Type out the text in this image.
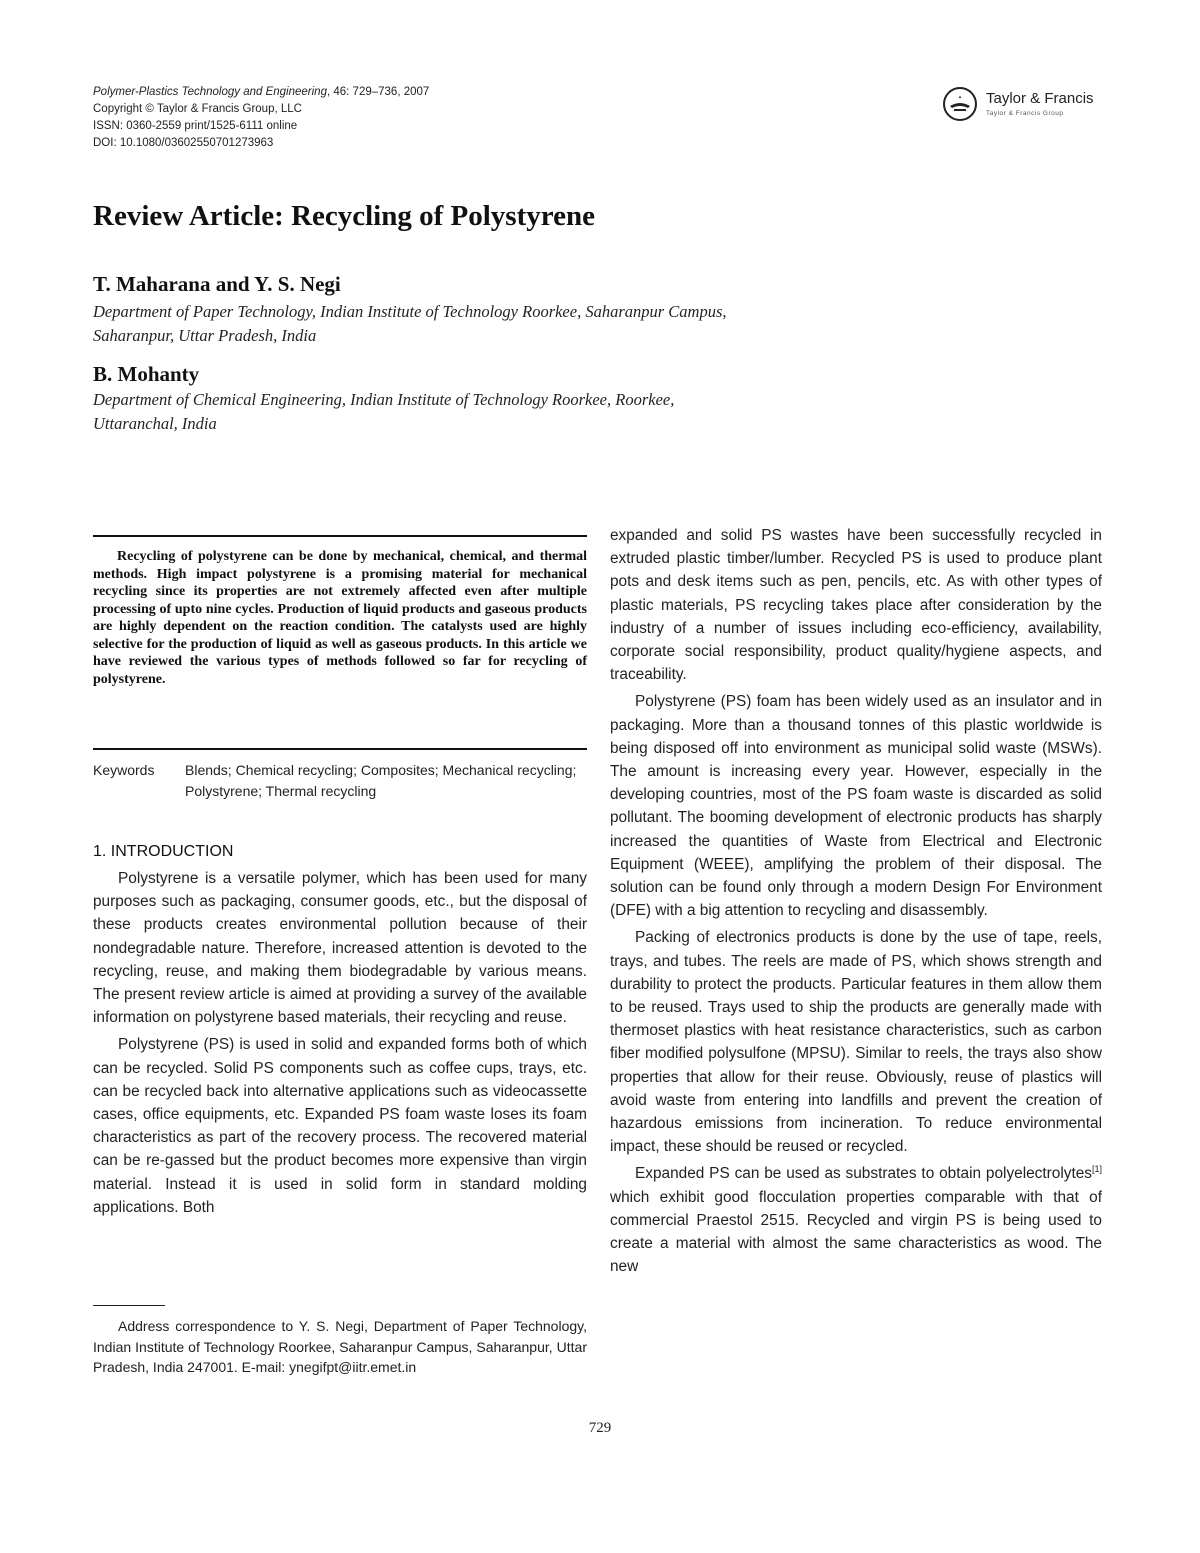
Polymer-Plastics Technology and Engineering, 46: 729–736, 2007
Copyright © Taylor & Francis Group, LLC
ISSN: 0360-2559 print/1525-6111 online
DOI: 10.1080/03602550701273963
Taylor & Francis
Taylor & Francis Group
Review Article: Recycling of Polystyrene
T. Maharana and Y. S. Negi
Department of Paper Technology, Indian Institute of Technology Roorkee, Saharanpur Campus,
Saharanpur, Uttar Pradesh, India
B. Mohanty
Department of Chemical Engineering, Indian Institute of Technology Roorkee, Roorkee,
Uttaranchal, India
Recycling of polystyrene can be done by mechanical, chemical, and thermal methods. High impact polystyrene is a promising material for mechanical recycling since its properties are not extremely affected even after multiple processing of upto nine cycles. Production of liquid products and gaseous products are highly dependent on the reaction condition. The catalysts used are highly selective for the production of liquid as well as gaseous products. In this article we have reviewed the various types of methods followed so far for recycling of polystyrene.
Keywords Blends; Chemical recycling; Composites; Mechanical recycling; Polystyrene; Thermal recycling
1. INTRODUCTION

Polystyrene is a versatile polymer, which has been used for many purposes such as packaging, consumer goods, etc., but the disposal of these products creates environmental pollution because of their nondegradable nature. Therefore, increased attention is devoted to the recycling, reuse, and making them biodegradable by various means. The present review article is aimed at providing a survey of the available information on polystyrene based materials, their recycling and reuse.

Polystyrene (PS) is used in solid and expanded forms both of which can be recycled. Solid PS components such as coffee cups, trays, etc. can be recycled back into alternative applications such as videocassette cases, office equipments, etc. Expanded PS foam waste loses its foam characteristics as part of the recovery process. The recovered material can be re-gassed but the product becomes more expensive than virgin material. Instead it is used in solid form in standard molding applications. Both

expanded and solid PS wastes have been successfully recycled in extruded plastic timber/lumber. Recycled PS is used to produce plant pots and desk items such as pen, pencils, etc. As with other types of plastic materials, PS recycling takes place after consideration by the industry of a number of issues including eco-efficiency, availability, corporate social responsibility, product quality/hygiene aspects, and traceability.

Polystyrene (PS) foam has been widely used as an insulator and in packaging. More than a thousand tonnes of this plastic worldwide is being disposed off into environment as municipal solid waste (MSWs). The amount is increasing every year. However, especially in the developing countries, most of the PS foam waste is discarded as solid pollutant. The booming development of electronic products has sharply increased the quantities of Waste from Electrical and Electronic Equipment (WEEE), amplifying the problem of their disposal. The solution can be found only through a modern Design For Environment (DFE) with a big attention to recycling and disassembly.

Packing of electronics products is done by the use of tape, reels, trays, and tubes. The reels are made of PS, which shows strength and durability to protect the products. Particular features in them allow them to be reused. Trays used to ship the products are generally made with thermoset plastics with heat resistance characteristics, such as carbon fiber modified polysulfone (MPSU). Similar to reels, the trays also show properties that allow for their reuse. Obviously, reuse of plastics will avoid waste from entering into landfills and prevent the creation of hazardous emissions from incineration. To reduce environmental impact, these should be reused or recycled.

Expanded PS can be used as substrates to obtain polyelectrolytes[1] which exhibit good flocculation properties comparable with that of commercial Praestol 2515. Recycled and virgin PS is being used to create a material with almost the same characteristics as wood. The new

Address correspondence to Y. S. Negi, Department of Paper Technology, Indian Institute of Technology Roorkee, Saharanpur Campus, Saharanpur, Uttar Pradesh, India 247001. E-mail: ynegifpt@iitr.emet.in
729
